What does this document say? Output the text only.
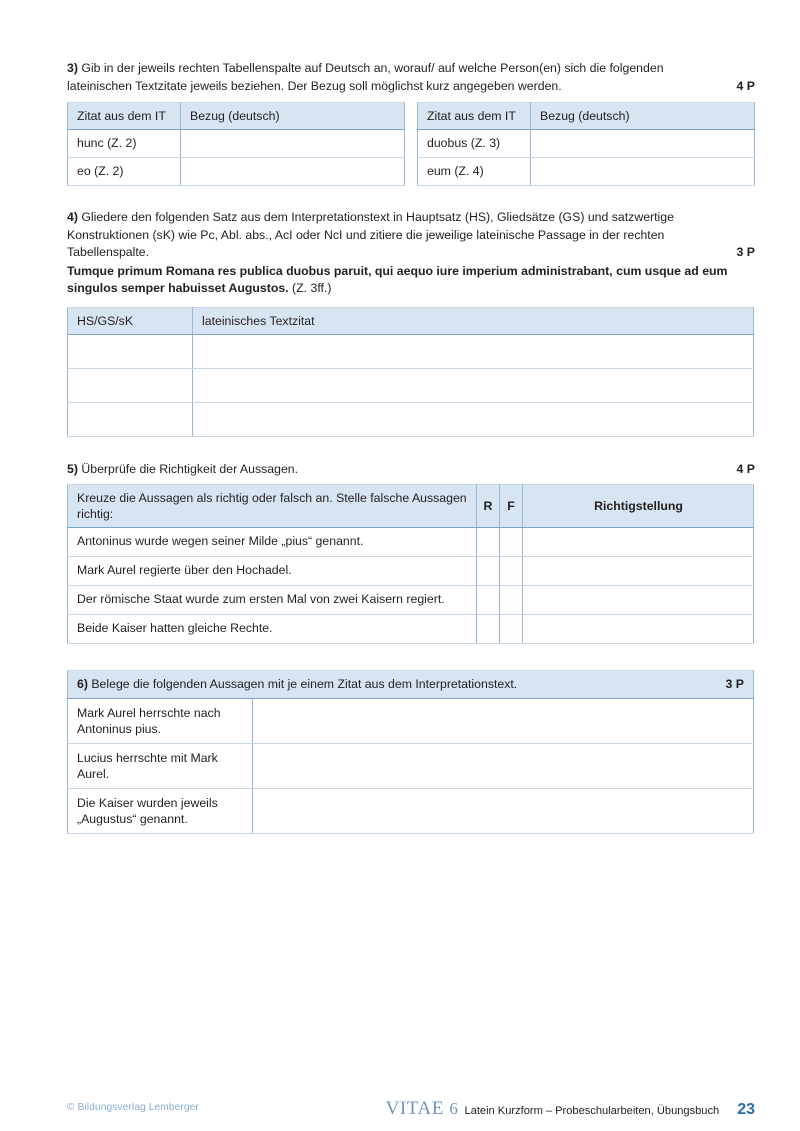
3) Gib in der jeweils rechten Tabellenspalte auf Deutsch an, worauf/ auf welche Person(en) sich die folgenden lateinischen Textzitate jeweils beziehen. Der Bezug soll möglichst kurz angegeben werden.	4 P
Zitat aus dem IT	Bezug (deutsch)
hunc (Z. 2)	
eo (Z. 2)	
Zitat aus dem IT	Bezug (deutsch)
duobus (Z. 3)	
eum (Z. 4)	
4) Gliedere den folgenden Satz aus dem Interpretationstext in Hauptsatz (HS), Gliedsätze (GS) und satzwertige Konstruktionen (sK) wie Pc, Abl. abs., AcI oder NcI und zitiere die jeweilige lateinische Passage in der rechten Tabellenspalte.	3 P
Tumque primum Romana res publica duobus paruit, qui aequo iure imperium administrabant, cum usque ad eum singulos semper habuisset Augustos. (Z. 3ff.)
HS/GS/sK	lateinisches Textzitat

5) Überprüfe die Richtigkeit der Aussagen.	4 P
Kreuze die Aussagen als richtig oder falsch an. Stelle falsche Aussagen richtig:	R	F	Richtigstellung
Antoninus wurde wegen seiner Milde „pius“ genannt.			
Mark Aurel regierte über den Hochadel.			
Der römische Staat wurde zum ersten Mal von zwei Kaisern regiert.			
Beide Kaiser hatten gleiche Rechte.			
6) Belege die folgenden Aussagen mit je einem Zitat aus dem Interpretationstext. 3 P	

Mark Aurel herrschte nach Antoninus pius.	
Lucius herrschte mit Mark Aurel.	
Die Kaiser wurden jeweils „Augustus“ genannt.	
© Bildungsverlag Lemberger	VITAE 6 Latein Kurzform – Probeschularbeiten, Übungsbuch 23
